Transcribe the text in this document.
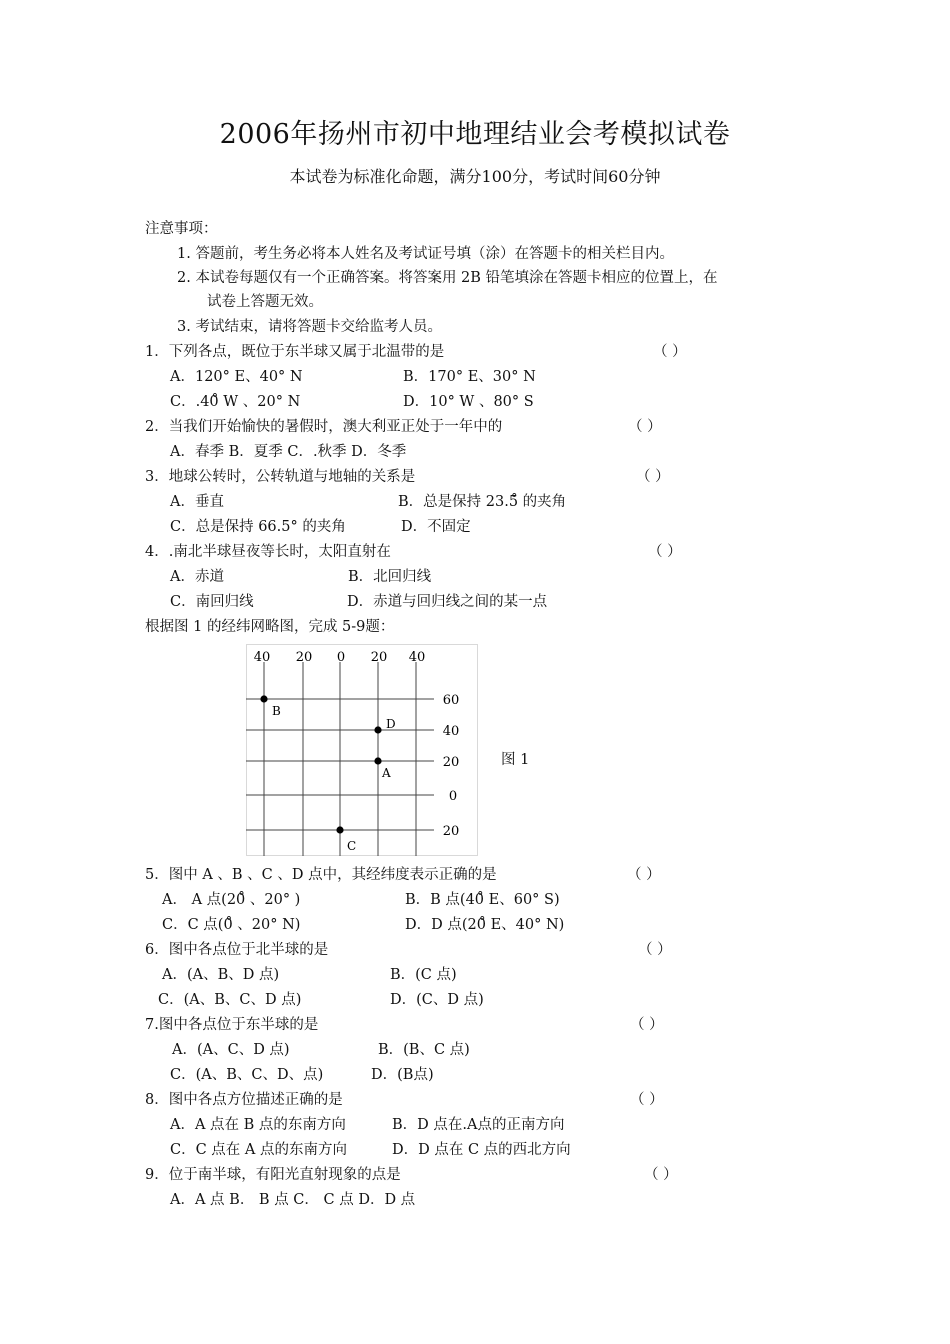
2006年扬州市初中地理结业会考模拟试卷
本试卷为标准化命题，满分100分，考试时间60分钟
注意事项：
1. 答题前，考生务必将本人姓名及考试证号填（涂）在答题卡的相关栏目内。
2. 本试卷每题仅有一个正确答案。将答案用 2B 铅笔填涂在答题卡相应的位置上，在
试卷上答题无效。
3. 考试结束，请将答题卡交给监考人员。
1．下列各点，既位于东半球又属于北温带的是	（ ）
A．120° E、40° N	B．170° E、30° N
C．.40̊ W 、20° N	D．10° W 、80° S
2．当我们开始愉快的暑假时，澳大利亚正处于一年中的	（ ）
A．春季 B．夏季 C．.秋季 D．冬季
3．地球公转时，公转轨道与地轴的关系是	（ ）
A．垂直	B．总是保持 23.5̊ 的夹角
C．总是保持 66.5° 的夹角	D．不固定
4．.南北半球昼夜等长时，太阳直射在	（ ）
A．赤道	B．北回归线
C．南回归线	D．赤道与回归线之间的某一点
根据图 1 的经纬网略图，完成 5-9题：
40 20 0 20 40
60
40
20
0
20
B
D
A
C
图 1
5．图中 A 、B 、C 、D 点中，其经纬度表示正确的是	（ ）
A． A 点(20̊ 、20° )	B．B 点(40̊ E、60° S)
C．C 点(0̊ 、20° N)	D．D 点(20̊ E、40° N)
6．图中各点位于北半球的是	（ ）
A．(A、B、D 点)	B．(C 点)
C．(A、B、C、D 点)	D．(C、D 点)
7.图中各点位于东半球的是	（ ）
A．(A、C、D 点)	B．(B、C 点)
C．(A、B、C、D、点)	D．(B点)
8．图中各点方位描述正确的是	（ ）
A．A 点在 B 点的东南方向	B．D 点在.A点的正南方向
C．C 点在 A 点的东南方向	D．D 点在 C 点的西北方向
9．位于南半球，有阳光直射现象的点是	（ ）
A．A 点 B． B 点 C． C 点 D．D 点
